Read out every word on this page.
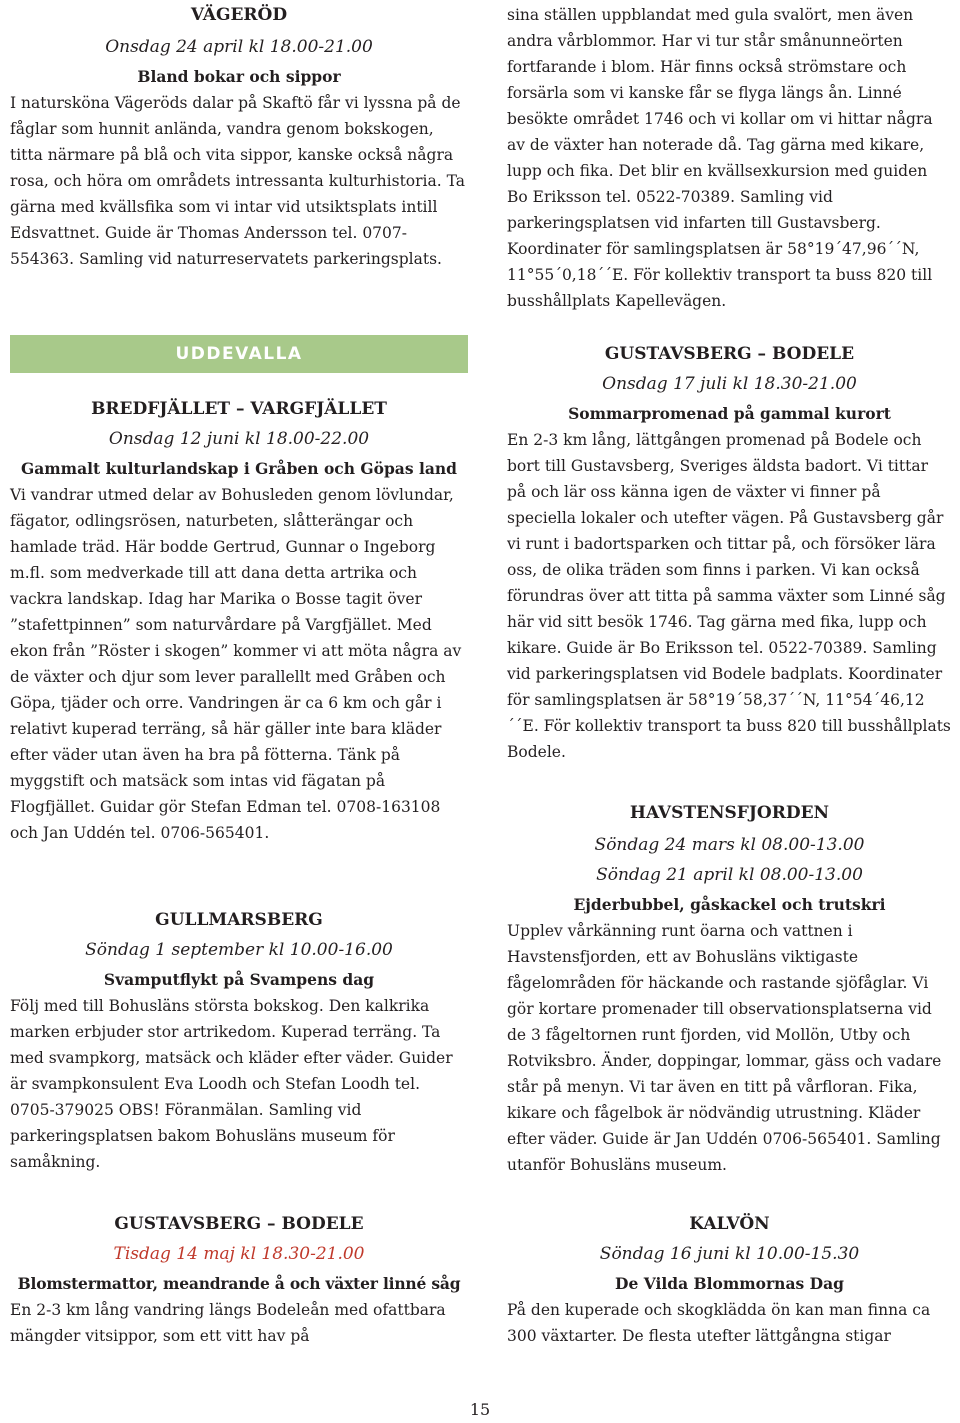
VÄGERÖD
Onsdag 24 april kl 18.00-21.00
Bland bokar och sippor

I natursköna Vägeröds dalar på Skaftö får vi lyssna på de fåglar som hunnit anlända, vandra genom bokskogen, titta närmare på blå och vita sippor, kanske också några rosa, och höra om områdets intressanta kulturhistoria. Ta gärna med kvällsfika som vi intar vid utsiktsplats intill Edsvattnet. Guide är Thomas Andersson tel. 0707-554363. Samling vid naturreservatets parkeringsplats.

BREDFJÄLLET – VARGFJÄLLET
Onsdag 12 juni kl 18.00-22.00
Gammalt kulturlandskap i Gråben och Göpas land

Vi vandrar utmed delar av Bohusleden genom lövlundar, fägator, odlingsrösen, naturbeten, slåtterängar och hamlade träd. Här bodde Gertrud, Gunnar o Ingeborg m.fl. som medverkade till att dana detta artrika och vackra landskap. Idag har Marika o Bosse tagit över ”stafettpinnen” som naturvårdare på Vargfjället. Med ekon från ”Röster i skogen” kommer vi att möta några av de växter och djur som lever parallellt med Gråben och Göpa, tjäder och orre. Vandringen är ca 6 km och går i relativt kuperad terräng, så här gäller inte bara kläder efter väder utan även ha bra på fötterna. Tänk på myggstift och matsäck som intas vid fägatan på Flogfjället. Guidar gör Stefan Edman tel. 0708-163108 och Jan Uddén tel. 0706-565401.

GULLMARSBERG
Söndag 1 september kl 10.00-16.00
Svamputflykt på Svampens dag

Följ med till Bohusläns största bokskog. Den kalkrika marken erbjuder stor artrikedom. Kuperad terräng. Ta med svampkorg, matsäck och kläder efter väder. Guider är svampkonsulent Eva Loodh och Stefan Loodh tel. 0705-379025 OBS! Föranmälan. Samling vid parkeringsplatsen bakom Bohusläns museum för samåkning.

GUSTAVSBERG – BODELE
Tisdag 14 maj kl 18.30-21.00
Blomstermattor, meandrande å och växter linné såg

En 2-3 km lång vandring längs Bodeleån med ofattbara mängder vitsippor, som ett vitt hav på

UDDEVALLA

sina ställen uppblandat med gula svalört, men även andra vårblommor. Har vi tur står smånunneörten fortfarande i blom. Här finns också strömstare och forsärla som vi kanske får se flyga längs ån. Linné besökte området 1746 och vi kollar om vi hittar några av de växter han noterade då. Tag gärna med kikare, lupp och fika. Det blir en kvällsexkursion med guiden Bo Eriksson tel. 0522-70389. Samling vid parkeringsplatsen vid infarten till Gustavsberg. Koordinater för samlingsplatsen är 58°19´47,96´´N, 11°55´0,18´´E. För kollektiv transport ta buss 820 till busshållplats Kapellevägen.

GUSTAVSBERG – BODELE
Onsdag 17 juli kl 18.30-21.00
Sommarpromenad på gammal kurort

En 2-3 km lång, lättgången promenad på Bodele och bort till Gustavsberg, Sveriges äldsta badort. Vi tittar på och lär oss känna igen de växter vi finner på speciella lokaler och utefter vägen. På Gustavsberg går vi runt i badortsparken och tittar på, och försöker lära oss, de olika träden som finns i parken. Vi kan också förundras över att titta på samma växter som Linné såg här vid sitt besök 1746. Tag gärna med fika, lupp och kikare. Guide är Bo Eriksson tel. 0522-70389. Samling vid parkeringsplatsen vid Bodele badplats. Koordinater för samlingsplatsen är 58°19´58,37´´N, 11°54´46,12´´E. För kollektiv transport ta buss 820 till busshållplats Bodele.

HAVSTENSFJORDEN
Söndag 24 mars kl 08.00-13.00
Söndag 21 april kl 08.00-13.00
Ejderbubbel, gåskackel och trutskri

Upplev vårkänning runt öarna och vattnen i Havstensfjorden, ett av Bohusläns viktigaste fågelområden för häckande och rastande sjöfåglar. Vi gör kortare promenader till observationsplatserna vid de 3 fågeltornen runt fjorden, vid Mollön, Utby och Rotviksbro. Änder, doppingar, lommar, gäss och vadare står på menyn. Vi tar även en titt på vårfloran. Fika, kikare och fågelbok är nödvändig utrustning. Kläder efter väder. Guide är Jan Uddén 0706-565401. Samling utanför Bohusläns museum.

KALVÖN
Söndag 16 juni kl 10.00-15.30
De Vilda Blommornas Dag

På den kuperade och skogklädda ön kan man finna ca 300 växtarter. De flesta utefter lättgångna stigar

15
